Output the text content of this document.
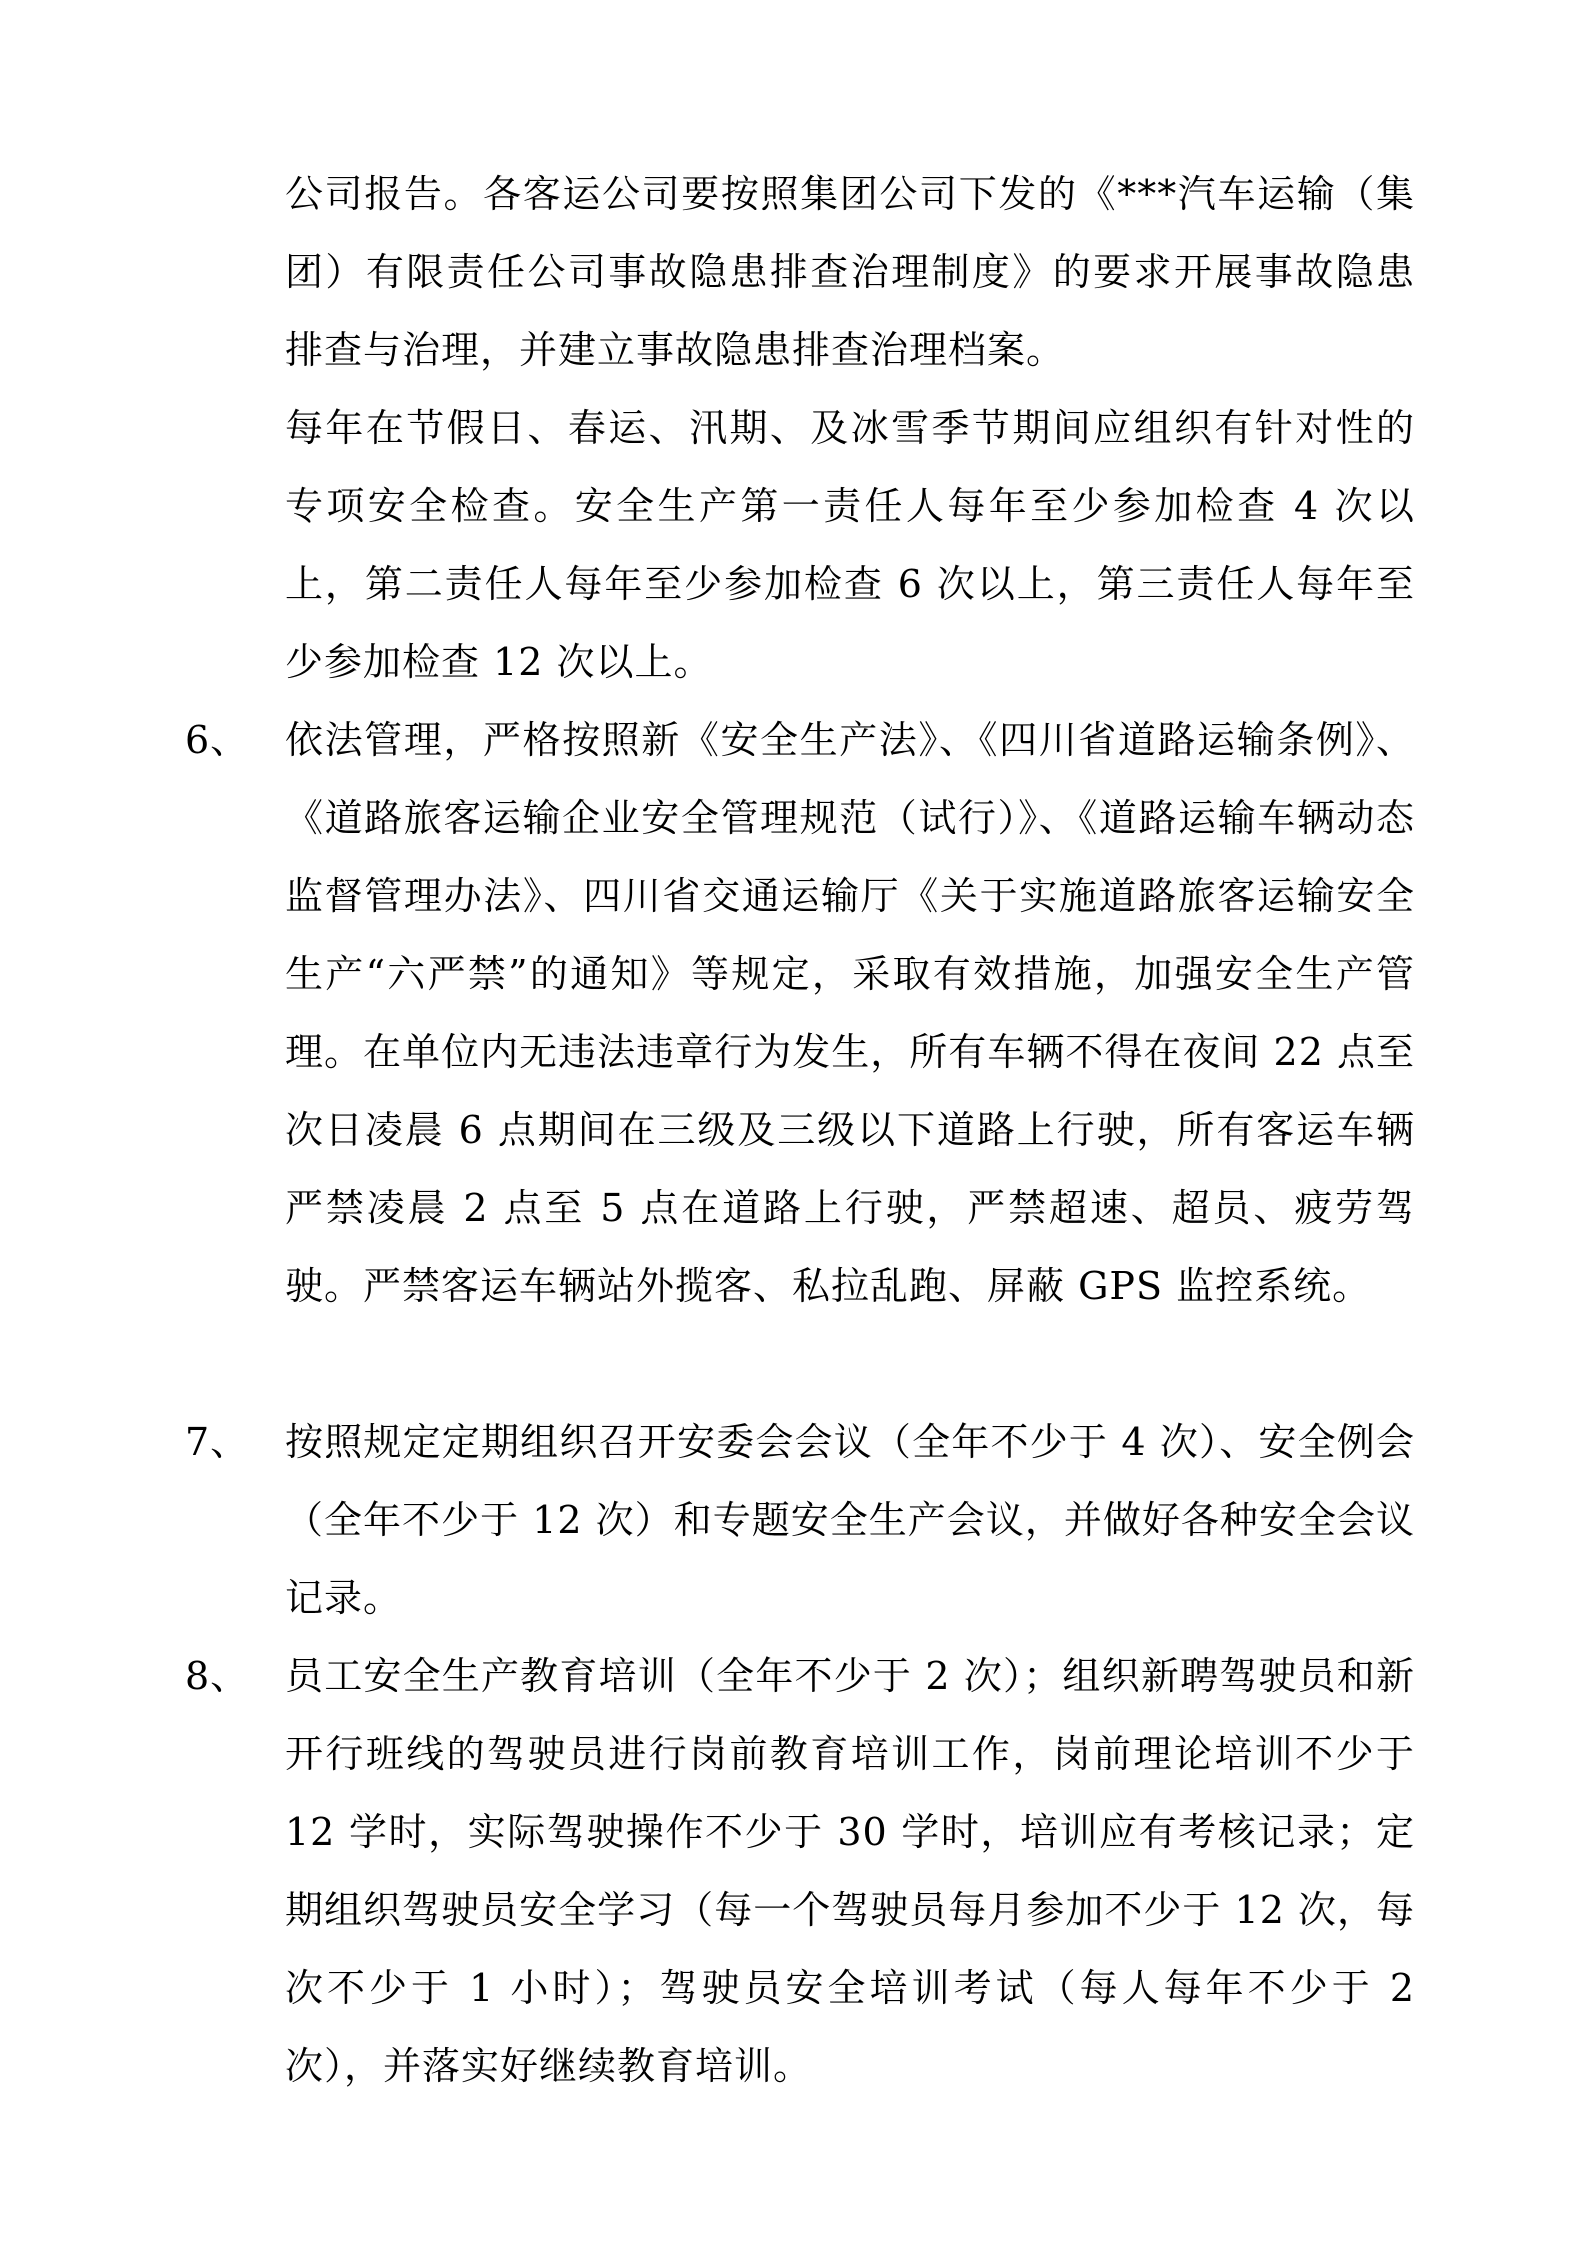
公司报告。各客运公司要按照集团公司下发的《***汽车运输（集团）有限责任公司事故隐患排查治理制度》的要求开展事故隐患排查与治理，并建立事故隐患排查治理档案。

每年在节假日、春运、汛期、及冰雪季节期间应组织有针对性的专项安全检查。安全生产第一责任人每年至少参加检查 4 次以上，第二责任人每年至少参加检查 6 次以上，第三责任人每年至少参加检查 12 次以上。

6、 依法管理，严格按照新《安全生产法》、《四川省道路运输条例》、《道路旅客运输企业安全管理规范（试行）》、《道路运输车辆动态监督管理办法》、四川省交通运输厅《关于实施道路旅客运输安全生产“六严禁”的通知》等规定，采取有效措施，加强安全生产管理。在单位内无违法违章行为发生，所有车辆不得在夜间 22 点至次日凌晨 6 点期间在三级及三级以下道路上行驶，所有客运车辆严禁凌晨 2 点至 5 点在道路上行驶，严禁超速、超员、疲劳驾驶。严禁客运车辆站外揽客、私拉乱跑、屏蔽 GPS 监控系统。
7、 按照规定定期组织召开安委会会议（全年不少于 4 次）、安全例会（全年不少于 12 次）和专题安全生产会议，并做好各种安全会议记录。
8、 员工安全生产教育培训（全年不少于 2 次）；组织新聘驾驶员和新开行班线的驾驶员进行岗前教育培训工作，岗前理论培训不少于 12 学时，实际驾驶操作不少于 30 学时，培训应有考核记录；定期组织驾驶员安全学习（每一个驾驶员每月参加不少于 12 次，每次不少于 1 小时）；驾驶员安全培训考试（每人每年不少于 2 次），并落实好继续教育培训。
